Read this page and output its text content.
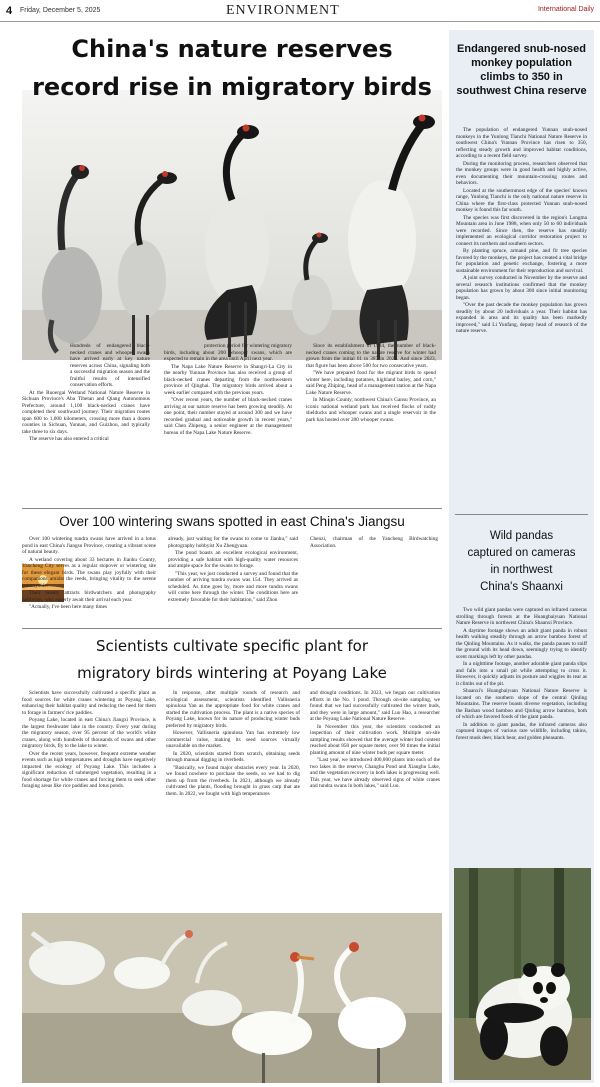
4 Friday, December 5, 2025	ENVIRONMENT	International Daily
China's nature reserves
record rise in migratory birds

Hundreds of endangered black-necked cranes and whooper swans have arrived early at key nature reserves across China, signaling both a successful migration season and the fruitful results of intensified conservation efforts.

At the Ruoergai Wetland National Nature Reserve in Sichuan Province's Aba Tibetan and Qiang Autonomous Prefecture, around 1,100 black-necked cranes have completed their southward journey. Their migration routes span 600 to 1,000 kilometers, crossing more than a dozen counties in Sichuan, Yunnan, and Guizhou, and typically take three to six days.

The reserve has also entered a critical

protection period for wintering migratory birds, including about 200 whooper swans, which are expected to remain in the area until April next year.

The Napa Lake Nature Reserve in Shangri-La City in the nearby Yunnan Province has also received a group of black-necked cranes departing from the northwestern province of Qinghai. The migratory birds arrived about a week earlier compared with the previous years.

"Over recent years, the number of black-necked cranes arriving at our nature reserve has been growing steadily. At one point, their number stayed at around 300 and we have recorded gradual and noticeable growth in recent years," said Chen Zhipeng, a senior engineer at the management bureau of the Napa Lake Nature Reserve.

Since its establishment in 1984, the number of black-necked cranes coming to the nature reserve for winter had grown from the initial 61 to 387 in 2021. And since 2023, that figure has been above 500 for two consecutive years.

"We have prepared food for the migrant birds to spend winter here, including potatoes, highland barley, and corn," said Peng Zhiping, head of a management station at the Napa Lake Nature Reserve.

In Minqin County, northwest China's Gansu Province, an iconic national wetland park has received flocks of ruddy shelducks and whooper swans and a single reservoir in the park has hosted over 200 whooper swans.

Over 100 wintering swans spotted in east China's Jiangsu

Over 100 wintering tundra swans have arrived in a lotus pond in east China's Jiangsu Province, creating a vibrant scene of natural beauty.

A wetland covering about 33 hectares in Jianhu County, Yancheng City serves as a regular stopover or wintering site for these elegant birds. The swans play joyfully with their companions amidst the reeds, bringing vitality to the serene countryside.

Their beauty attracts birdwatchers and photography hobbyists, who eagerly await their arrival each year.

"Actually, I've been here many times

already, just waiting for the swans to come to Jianhu," said photography hobbyist Xu Zhengyuan.

The pond boasts an excellent ecological environment, providing a safe habitat with high-quality water resources and ample space for the swans to forage.

"This year, we just conducted a survey and found that the number of arriving tundra swans was 154. They arrived as scheduled. As time goes by, more and more tundra swans will come here through the winter. The conditions here are extremely favorable for their habitation," said Zhou

Chenzi, chairman of the Yancheng Birdwatching Association.

Scientists cultivate specific plant for
migratory birds wintering at Poyang Lake

Scientists have successfully cultivated a specific plant as food sources for white cranes wintering at Poyang Lake, enhancing their habitat quality and reducing the need for them to forage in farmers' rice paddies.

Poyang Lake, located in east China's Jiangxi Province, is the largest freshwater lake in the country. Every year during the migratory season, over 95 percent of the world's white cranes, along with hundreds of thousands of swans and other migratory birds, fly to the lake to winter.

Over the recent years, however, frequent extreme weather events such as high temperatures and droughts have negatively impacted the ecology of Poyang Lake. This includes a significant reduction of submerged vegetation, resulting in a food shortage for white cranes and forcing them to seek other foraging areas like rice paddies and lotus ponds.

In response, after multiple rounds of research and ecological assessment, scientists identified Vallisneria spinulosa Yan as the appropriate food for white cranes and started the cultivation process. The plant is a native species of Poyang Lake, known for its nature of producing winter buds preferred by migratory birds.

However, Vallisneria spinulosa Yan has extremely low commercial value, making its seed sources virtually unavailable on the market.

In 2020, scientists started from scratch, obtaining seeds through manual digging in riverbeds.

"Basically, we found major obstacles every year. In 2020, we found nowhere to purchase the seeds, so we had to dig them up from the riverbeds. In 2021, although we already cultivated the plants, flooding brought in grass carp that ate them. In 2022, we fought with high temperatures

and drought conditions. In 2023, we began our cultivation efforts in the No. 1 pond. Through on-site sampling, we found that we had successfully cultivated the winter buds, and they were in large amount," said Luo Hao, a researcher at the Poyang Lake National Nature Reserve.

In November this year, the scientists conducted an inspection of their cultivation work. Multiple on-site sampling results showed that the average winter bud content reached about 850 per square meter, over 90 times the initial planting amount of nine winter buds per square meter.

"Last year, we introduced 400,000 plants into each of the two lakes in the reserve, Changhu Pond and Xianghu Lake, and the vegetation recovery in both lakes is progressing well. This year, we have already observed signs of white cranes and tundra swans in both lakes," said Luo.

Endangered snub-nosed monkey population climbs to 350 in southwest China reserve

The population of endangered Yunnan snub-nosed monkeys in the Yunlong Tianchi National Nature Reserve in southwest China's Yunnan Province has risen to 350, reflecting steady growth and improved habitat conditions, according to a recent field survey.

During the monitoring process, researchers observed that the monkey groups were in good health and highly active, even documenting their mountain-crossing routes and behaviors.

Located at the southernmost edge of the species' known range, Yunlong Tianchi is the only national nature reserve in China where the first-class protected Yunnan snub-nosed monkey is found this far south.

The species was first discovered in the region's Longma Mountain area in June 1988, when only 50 to 60 individuals were recorded. Since then, the reserve has steadily implemented an ecological corridor restoration project to connect its northern and southern sectors.

By planting spruce, armand pine, and fir tree species favored by the monkeys, the project has created a vital bridge for population and genetic exchange, fostering a more sustainable environment for their reproduction and survival.

A joint survey conducted in November by the reserve and several research institutions confirmed that the monkey population has grown by about 300 since initial monitoring began.

"Over the past decade the monkey population has grown steadily by about 20 individuals a year. Their habitat has expanded in area and its quality has been markedly improved," said Li Yunfang, deputy head of research of the nature reserve.

Wild pandas
captured on cameras
in northwest
China's Shaanxi

Two wild giant pandas were captured on infrared cameras strolling through forests at the Huangbaiyuan National Nature Reserve in northwest China's Shaanxi Province.

A daytime footage shows an adult giant panda in robust health walking steadily through an arrow bamboo forest of the Qinling Mountains. As it walks, the panda pauses to sniff the ground with its head down, seemingly trying to identify scent markings left by other pandas.

In a nighttime footage, another adorable giant panda slips and falls into a small pit while attempting to cross it. However, it quickly adjusts its posture and wiggles its rear as it climbs out of the pit.

Shaanxi's Huangbaiyuan National Nature Reserve is located on the southern slope of the central Qinling Mountains. The reserve boasts diverse vegetation, including the Bashan wood bamboo and Qinling arrow bamboo, both of which are favored foods of the giant panda.

In addition to giant pandas, the infrared cameras also captured images of various rare wildlife, including takins, forest musk deer, black bear, and golden pheasants.
